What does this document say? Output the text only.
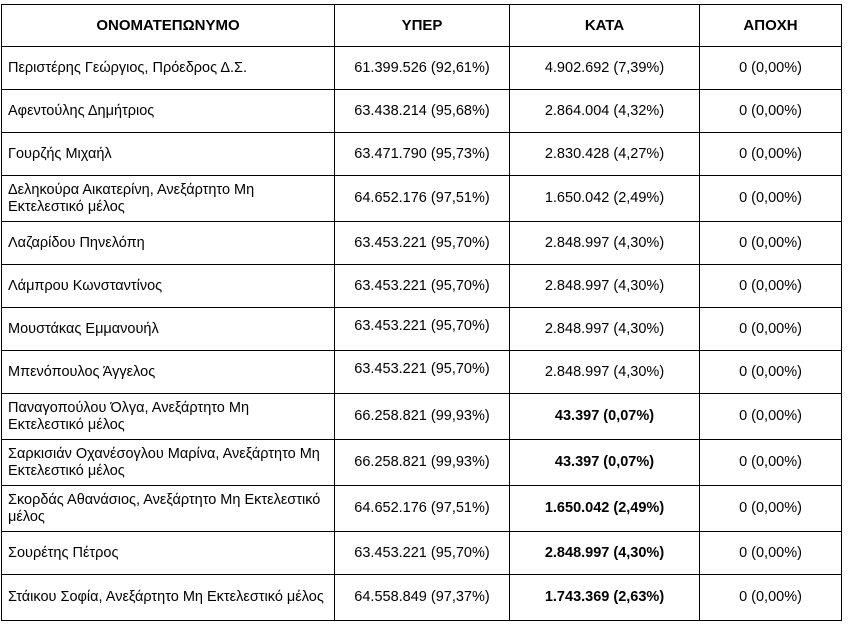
ΟΝΟΜΑΤΕΠΩΝΥΜΟ	ΥΠΕΡ	ΚΑΤΑ	ΑΠΟΧΗ
Περιστέρης Γεώργιος, Πρόεδρος Δ.Σ.	61.399.526 (92,61%)	4.902.692 (7,39%)	0 (0,00%)
Αφεντούλης Δημήτριος	63.438.214 (95,68%)	2.864.004 (4,32%)	0 (0,00%)
Γουρζής Μιχαήλ	63.471.790 (95,73%)	2.830.428 (4,27%)	0 (0,00%)
Δεληκούρα Αικατερίνη, Ανεξάρτητο Μη Εκτελεστικό μέλος	64.652.176 (97,51%)	1.650.042 (2,49%)	0 (0,00%)
Λαζαρίδου Πηνελόπη	63.453.221 (95,70%)	2.848.997 (4,30%)	0 (0,00%)
Λάμπρου Κωνσταντίνος	63.453.221 (95,70%)	2.848.997 (4,30%)	0 (0,00%)
Μουστάκας Εμμανουήλ	63.453.221 (95,70%)	2.848.997 (4,30%)	0 (0,00%)
Μπενόπουλος Άγγελος	63.453.221 (95,70%)	2.848.997 (4,30%)	0 (0,00%)
Παναγοπούλου Όλγα, Ανεξάρτητο Μη Εκτελεστικό μέλος	66.258.821 (99,93%)	43.397 (0,07%)	0 (0,00%)
Σαρκισιάν Οχανέσογλου Μαρίνα, Ανεξάρτητο Μη Εκτελεστικό μέλος	66.258.821 (99,93%)	43.397 (0,07%)	0 (0,00%)
Σκορδάς Αθανάσιος, Ανεξάρτητο Μη Εκτελεστικό μέλος	64.652.176 (97,51%)	1.650.042 (2,49%)	0 (0,00%)
Σουρέτης Πέτρος	63.453.221 (95,70%)	2.848.997 (4,30%)	0 (0,00%)
Στάικου Σοφία, Ανεξάρτητο Μη Εκτελεστικό μέλος	64.558.849 (97,37%)	1.743.369 (2,63%)	0 (0,00%)
